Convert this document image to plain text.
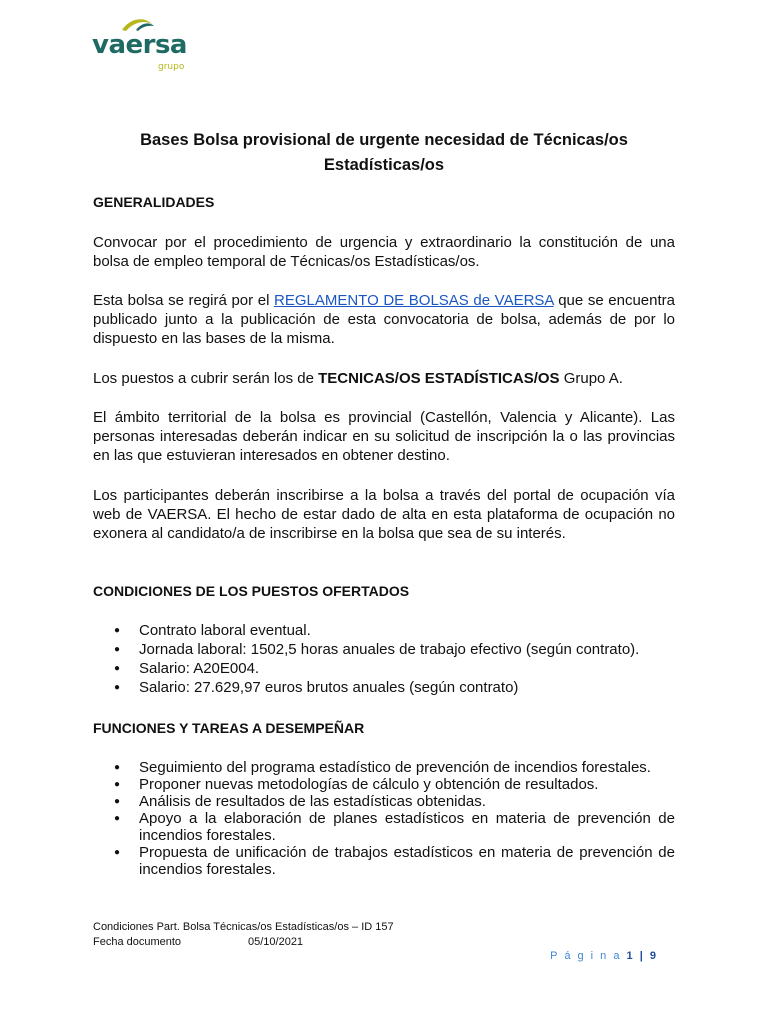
vaersa
grupo
Bases Bolsa provisional de urgente necesidad de Técnicas/os Estadísticas/os
GENERALIDADES
Convocar por el procedimiento de urgencia y extraordinario la constitución de una bolsa de empleo temporal de Técnicas/os Estadísticas/os.
Esta bolsa se regirá por el REGLAMENTO DE BOLSAS de VAERSA que se encuentra publicado junto a la publicación de esta convocatoria de bolsa, además de por lo dispuesto en las bases de la misma.
Los puestos a cubrir serán los de TECNICAS/OS ESTADÍSTICAS/OS Grupo A.
El ámbito territorial de la bolsa es provincial (Castellón, Valencia y Alicante). Las personas interesadas deberán indicar en su solicitud de inscripción la o las provincias en las que estuvieran interesados en obtener destino.
Los participantes deberán inscribirse a la bolsa a través del portal de ocupación vía web de VAERSA. El hecho de estar dado de alta en esta plataforma de ocupación no exonera al candidato/a de inscribirse en la bolsa que sea de su interés.
CONDICIONES DE LOS PUESTOS OFERTADOS
● Contrato laboral eventual.
● Jornada laboral: 1502,5 horas anuales de trabajo efectivo (según contrato).
● Salario: A20E004.
● Salario: 27.629,97 euros brutos anuales (según contrato)
FUNCIONES Y TAREAS A DESEMPEÑAR
● Seguimiento del programa estadístico de prevención de incendios forestales.
● Proponer nuevas metodologías de cálculo y obtención de resultados.
● Análisis de resultados de las estadísticas obtenidas.
● Apoyo a la elaboración de planes estadísticos en materia de prevención de incendios forestales.
● Propuesta de unificación de trabajos estadísticos en materia de prevención de incendios forestales.
Condiciones Part. Bolsa Técnicas/os Estadísticas/os – ID 157
Fecha documento	05/10/2021
P á g i n a 1 | 9
